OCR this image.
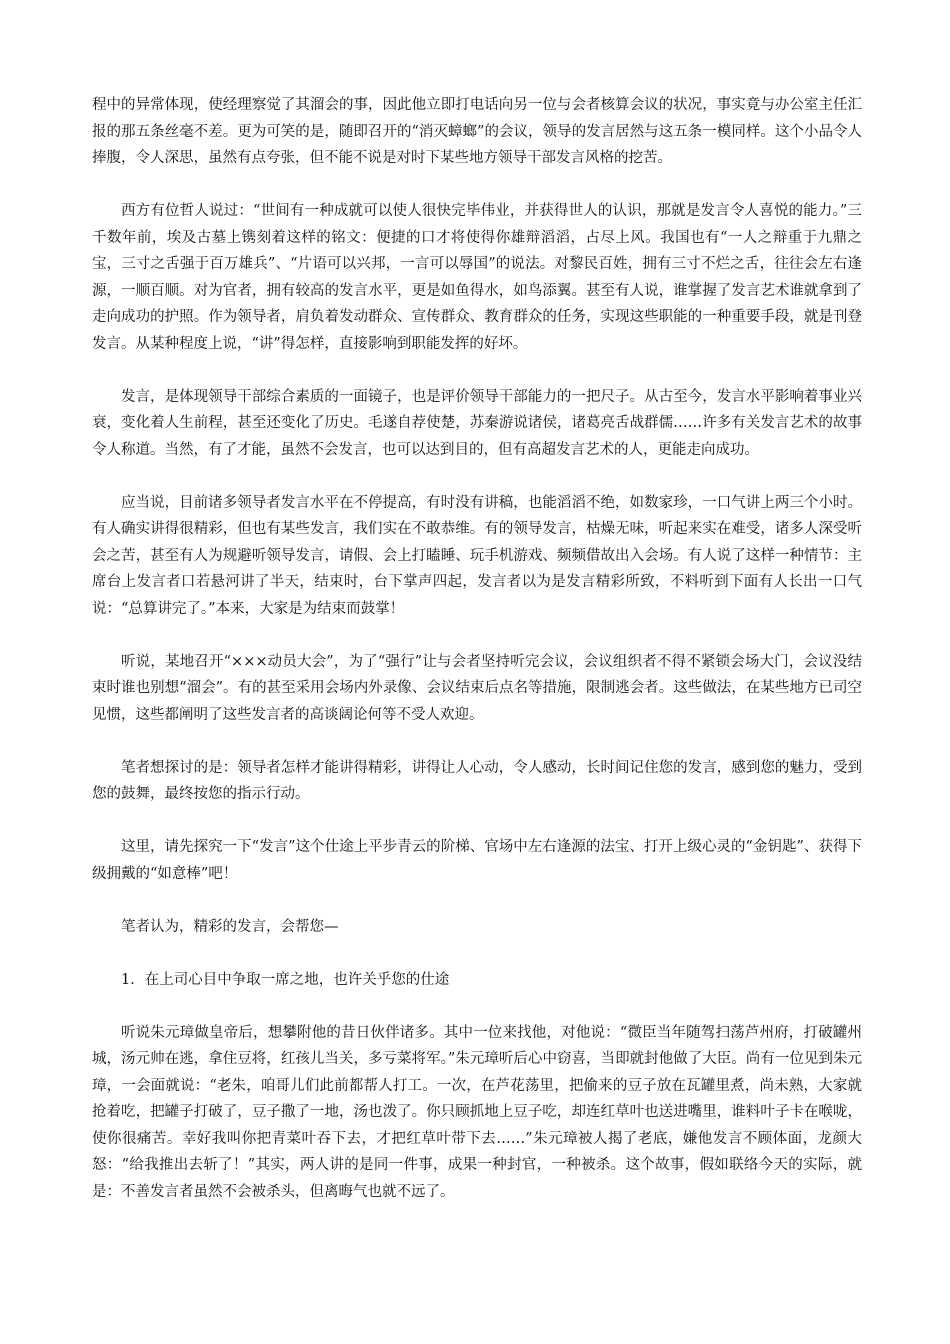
程中的异常体现，使经理察觉了其溜会的事，因此他立即打电话向另一位与会者核算会议的状况，事实竟与办公室主任汇报的那五条丝毫不差。更为可笑的是，随即召开的“消灭蟑螂”的会议，领导的发言居然与这五条一模同样。这个小品令人捧腹，令人深思，虽然有点夸张，但不能不说是对时下某些地方领导干部发言风格的挖苦。

西方有位哲人说过：“世间有一种成就可以使人很快完毕伟业，并获得世人的认识，那就是发言令人喜悦的能力。”三千数年前，埃及古墓上镌刻着这样的铭文：便捷的口才将使得你雄辩滔滔，占尽上风。我国也有“一人之辩重于九鼎之宝，三寸之舌强于百万雄兵”、“片语可以兴邦，一言可以辱国”的说法。对黎民百姓，拥有三寸不烂之舌，往往会左右逢源，一顺百顺。对为官者，拥有较高的发言水平，更是如鱼得水，如鸟添翼。甚至有人说，谁掌握了发言艺术谁就拿到了走向成功的护照。作为领导者，肩负着发动群众、宣传群众、教育群众的任务，实现这些职能的一种重要手段，就是刊登发言。从某种程度上说，“讲”得怎样，直接影响到职能发挥的好坏。

发言，是体现领导干部综合素质的一面镜子，也是评价领导干部能力的一把尺子。从古至今，发言水平影响着事业兴衰，变化着人生前程，甚至还变化了历史。毛遂自荐使楚，苏秦游说诸侯，诸葛亮舌战群儒……许多有关发言艺术的故事令人称道。当然，有了才能，虽然不会发言，也可以达到目的，但有高超发言艺术的人，更能走向成功。

应当说，目前诸多领导者发言水平在不停提高，有时没有讲稿，也能滔滔不绝，如数家珍，一口气讲上两三个小时。有人确实讲得很精彩，但也有某些发言，我们实在不敢恭维。有的领导发言，枯燥无味，听起来实在难受，诸多人深受听会之苦，甚至有人为规避听领导发言，请假、会上打瞌睡、玩手机游戏、频频借故出入会场。有人说了这样一种情节：主席台上发言者口若悬河讲了半天，结束时，台下掌声四起，发言者以为是发言精彩所致，不料听到下面有人长出一口气说：“总算讲完了。”本来，大家是为结束而鼓掌！

听说，某地召开“×××动员大会”，为了“强行”让与会者坚持听完会议，会议组织者不得不紧锁会场大门，会议没结束时谁也别想“溜会”。有的甚至采用会场内外录像、会议结束后点名等措施，限制逃会者。这些做法，在某些地方已司空见惯，这些都阐明了这些发言者的高谈阔论何等不受人欢迎。

笔者想探讨的是：领导者怎样才能讲得精彩，讲得让人心动，令人感动，长时间记住您的发言，感到您的魅力，受到您的鼓舞，最终按您的指示行动。

这里，请先探究一下“发言”这个仕途上平步青云的阶梯、官场中左右逢源的法宝、打开上级心灵的“金钥匙”、获得下级拥戴的“如意棒”吧！

笔者认为，精彩的发言，会帮您—

1．在上司心目中争取一席之地，也许关乎您的仕途

听说朱元璋做皇帝后，想攀附他的昔日伙伴诸多。其中一位来找他，对他说：“微臣当年随驾扫荡芦州府，打破罐州城，汤元帅在逃，拿住豆将，红孩儿当关，多亏菜将军。”朱元璋听后心中窃喜，当即就封他做了大臣。尚有一位见到朱元璋，一会面就说：“老朱，咱哥儿们此前都帮人打工。一次，在芦花荡里，把偷来的豆子放在瓦罐里煮，尚未熟，大家就抢着吃，把罐子打破了，豆子撒了一地，汤也泼了。你只顾抓地上豆子吃，却连红草叶也送进嘴里，谁料叶子卡在喉咙，使你很痛苦。幸好我叫你把青菜叶吞下去，才把红草叶带下去……”朱元璋被人揭了老底，嫌他发言不顾体面，龙颜大怒：“给我推出去斩了！”其实，两人讲的是同一件事，成果一种封官，一种被杀。这个故事，假如联络今天的实际，就是：不善发言者虽然不会被杀头，但离晦气也就不远了。
